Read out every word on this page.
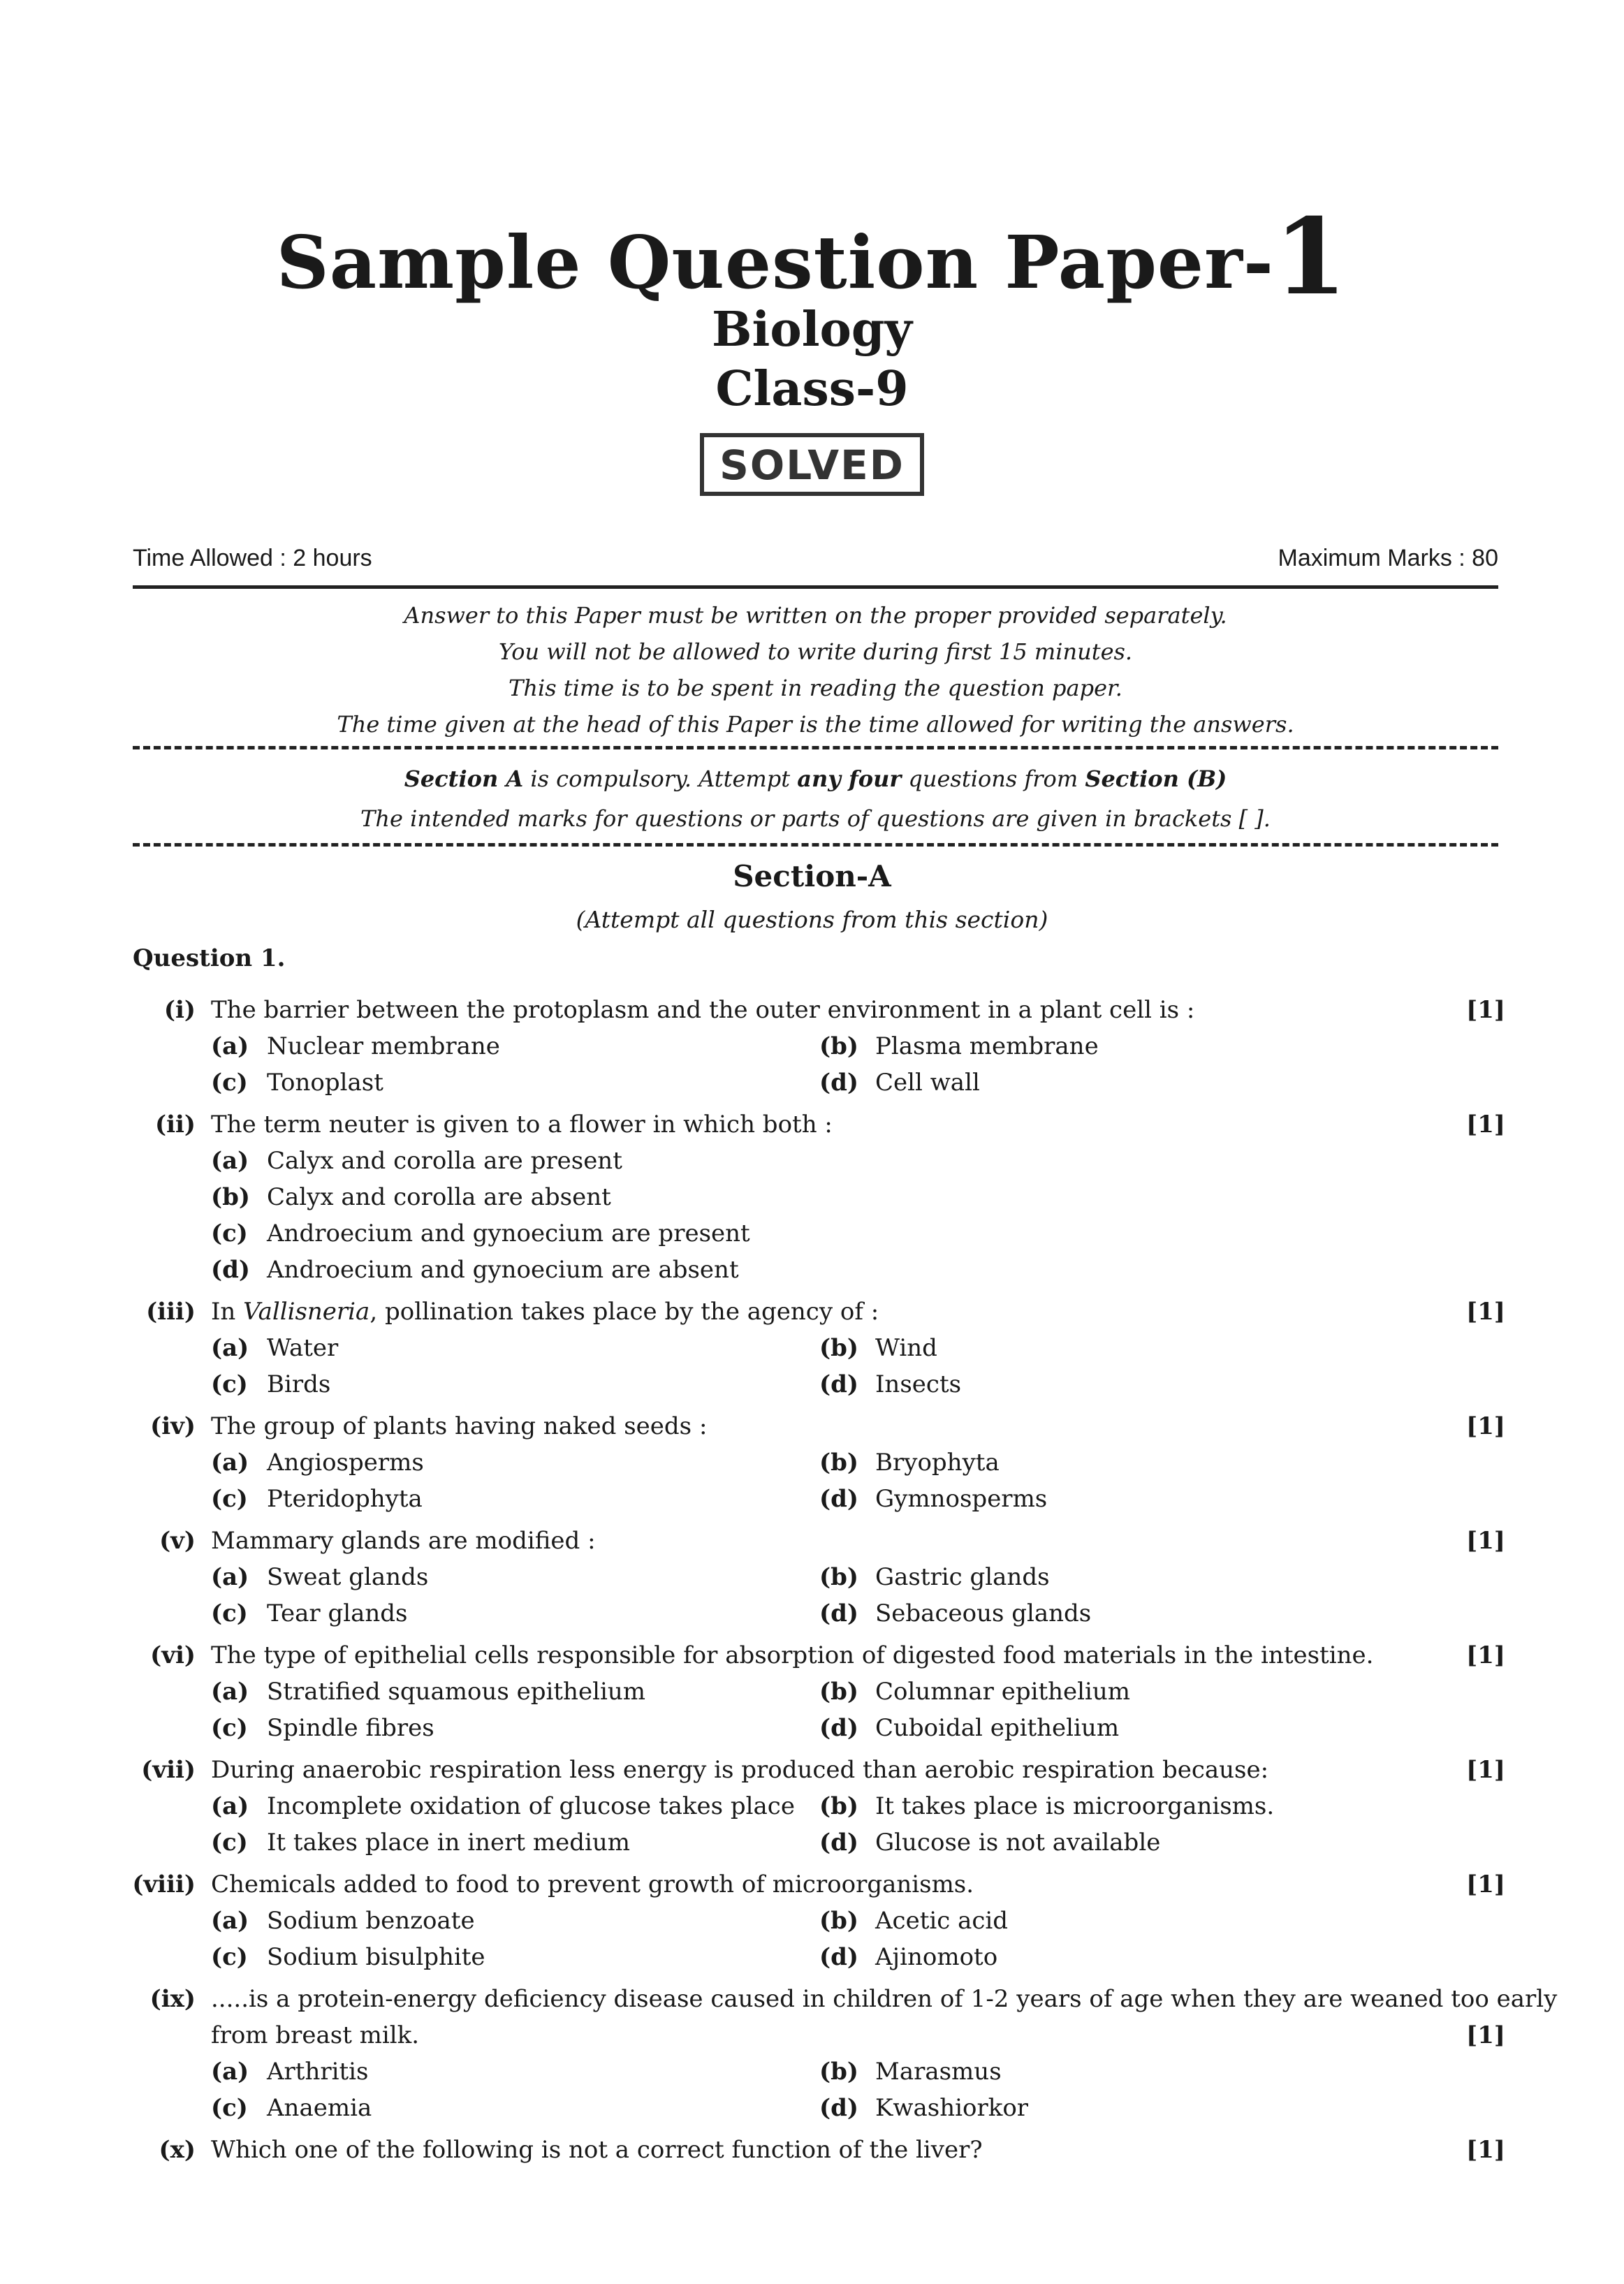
Sample Question Paper-1
Biology
Class-9
SOLVED
Time Allowed : 2 hours	Maximum Marks : 80
Answer to this Paper must be written on the proper provided separately.
You will not be allowed to write during first 15 minutes.
This time is to be spent in reading the question paper.
The time given at the head of this Paper is the time allowed for writing the answers.
Section A is compulsory. Attempt any four questions from Section (B)
The intended marks for questions or parts of questions are given in brackets [ ].
Section-A
(Attempt all questions from this section)
Question 1.
(i) The barrier between the protoplasm and the outer environment in a plant cell is :	[1]
(a) Nuclear membrane	(b) Plasma membrane
(c) Tonoplast	(d) Cell wall
(ii) The term neuter is given to a flower in which both :	[1]
(a) Calyx and corolla are present
(b) Calyx and corolla are absent
(c) Androecium and gynoecium are present
(d) Androecium and gynoecium are absent
(iii) In Vallisneria, pollination takes place by the agency of :	[1]
(a) Water	(b) Wind
(c) Birds	(d) Insects
(iv) The group of plants having naked seeds :	[1]
(a) Angiosperms	(b) Bryophyta
(c) Pteridophyta	(d) Gymnosperms
(v) Mammary glands are modified :	[1]
(a) Sweat glands	(b) Gastric glands
(c) Tear glands	(d) Sebaceous glands
(vi) The type of epithelial cells responsible for absorption of digested food materials in the intestine.	[1]
(a) Stratified squamous epithelium	(b) Columnar epithelium
(c) Spindle fibres	(d) Cuboidal epithelium
(vii) During anaerobic respiration less energy is produced than aerobic respiration because:	[1]
(a) Incomplete oxidation of glucose takes place (b) It takes place is microorganisms.
(c) It takes place in inert medium	(d) Glucose is not available
(viii) Chemicals added to food to prevent growth of microorganisms.	[1]
(a) Sodium benzoate	(b) Acetic acid
(c) Sodium bisulphite	(d) Ajinomoto
(ix) .....is a protein-energy deficiency disease caused in children of 1-2 years of age when they are weaned too early
from breast milk.	[1]
(a) Arthritis	(b) Marasmus
(c) Anaemia	(d) Kwashiorkor
(x) Which one of the following is not a correct function of the liver?	[1]
